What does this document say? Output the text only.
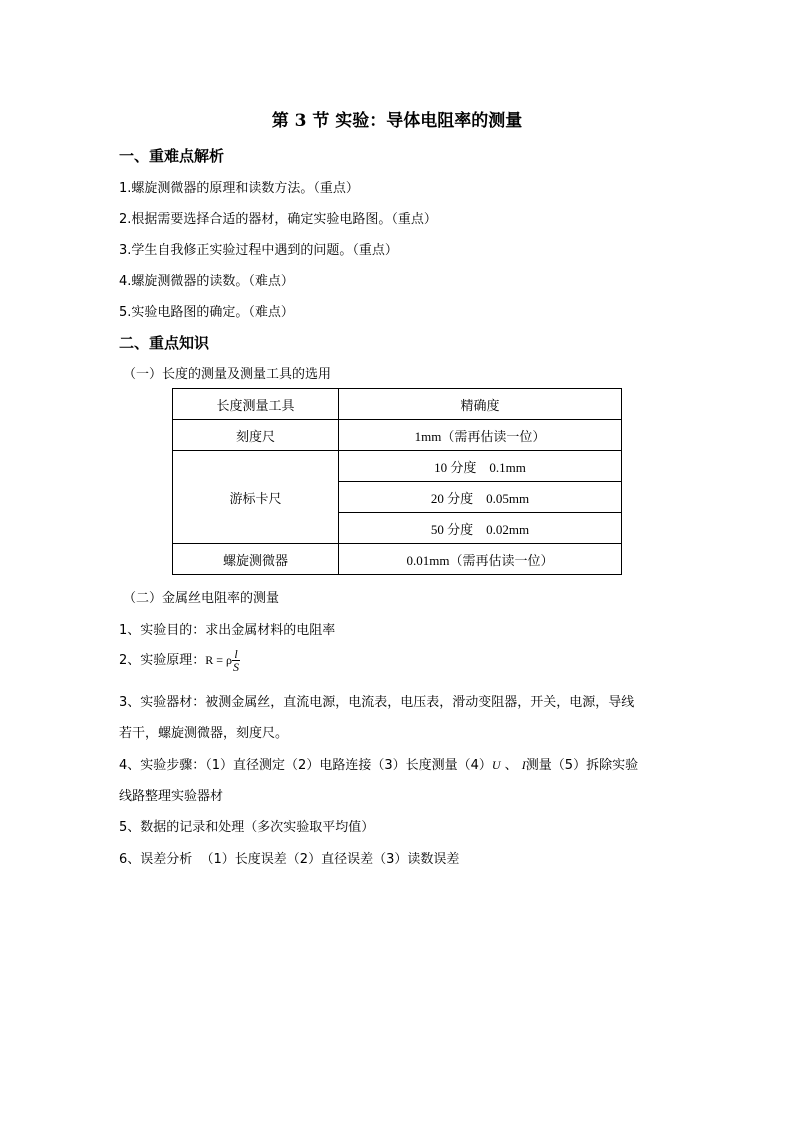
第 3 节 实验：导体电阻率的测量
一、重难点解析
1.螺旋测微器的原理和读数方法。（重点）
2.根据需要选择合适的器材，确定实验电路图。（重点）
3.学生自我修正实验过程中遇到的问题。（重点）
4.螺旋测微器的读数。（难点）
5.实验电路图的确定。（难点）
二、重点知识
（一）长度的测量及测量工具的选用
长度测量工具	精确度
刻度尺	1mm（需再估读一位）
游标卡尺	10 分度    0.1mm
	20 分度    0.05mm
	50 分度    0.02mm
螺旋测微器	0.01mm（需再估读一位）
（二）金属丝电阻率的测量
1、实验目的：求出金属材料的电阻率
2、实验原理：R = ρ $\frac{l}{S}$
3、实验器材：被测金属丝，直流电源，电流表，电压表，滑动变阻器，开关，电源，导线
若干，螺旋测微器，刻度尺。
4、实验步骤：（1）直径测定（2）电路连接（3）长度测量（4）U 、 I测量（5）拆除实验
线路整理实验器材
5、数据的记录和处理（多次实验取平均值）
6、误差分析  （1）长度误差（2）直径误差（3）读数误差
